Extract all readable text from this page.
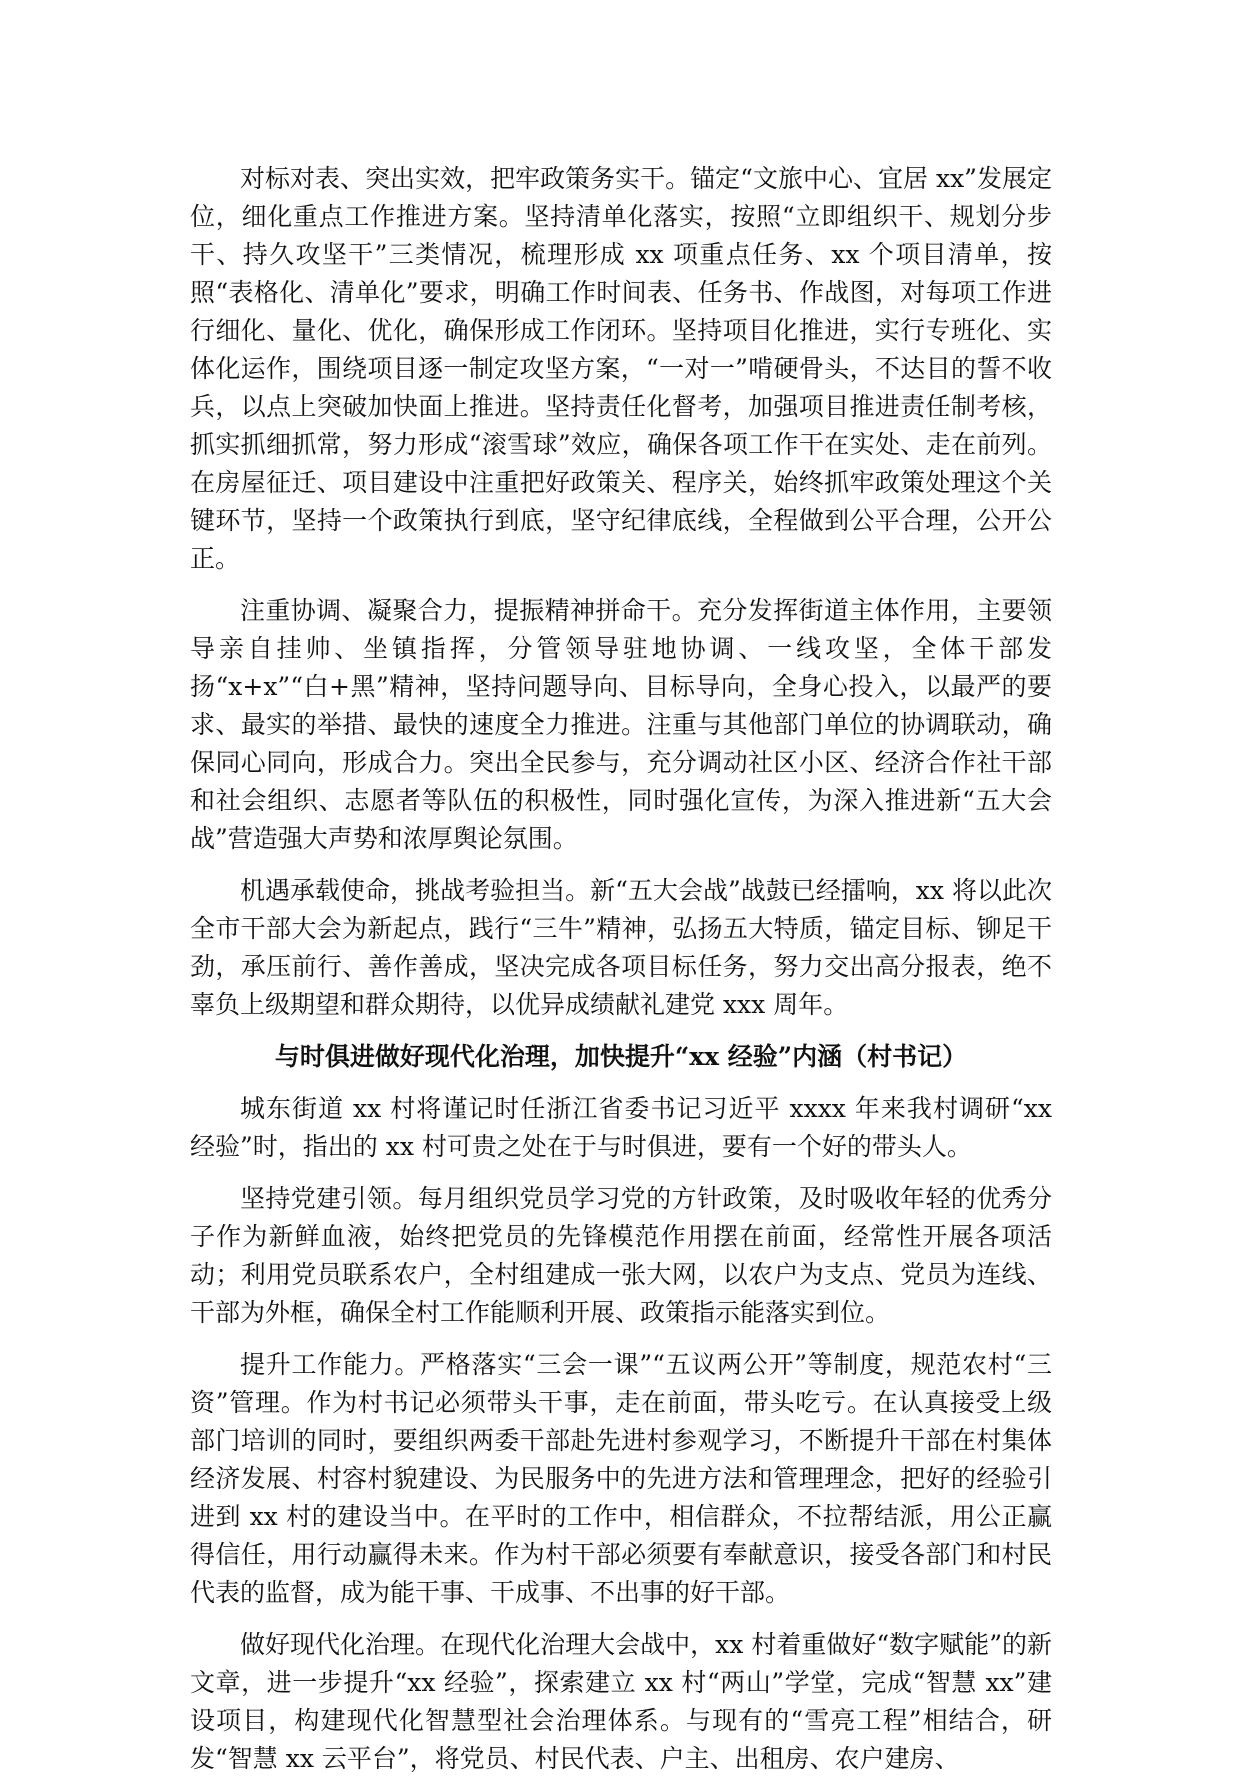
对标对表、突出实效，把牢政策务实干。锚定“文旅中心、宜居 xx”发展定位，细化重点工作推进方案。坚持清单化落实，按照“立即组织干、规划分步干、持久攻坚干”三类情况，梳理形成 xx 项重点任务、xx 个项目清单，按照“表格化、清单化”要求，明确工作时间表、任务书、作战图，对每项工作进行细化、量化、优化，确保形成工作闭环。坚持项目化推进，实行专班化、实体化运作，围绕项目逐一制定攻坚方案，“一对一”啃硬骨头，不达目的誓不收兵，以点上突破加快面上推进。坚持责任化督考，加强项目推进责任制考核，抓实抓细抓常，努力形成“滚雪球”效应，确保各项工作干在实处、走在前列。在房屋征迁、项目建设中注重把好政策关、程序关，始终抓牢政策处理这个关键环节，坚持一个政策执行到底，坚守纪律底线，全程做到公平合理，公开公正。

注重协调、凝聚合力，提振精神拼命干。充分发挥街道主体作用，主要领导亲自挂帅、坐镇指挥，分管领导驻地协调、一线攻坚，全体干部发扬“x+x”“白+黑”精神，坚持问题导向、目标导向，全身心投入，以最严的要求、最实的举措、最快的速度全力推进。注重与其他部门单位的协调联动，确保同心同向，形成合力。突出全民参与，充分调动社区小区、经济合作社干部和社会组织、志愿者等队伍的积极性，同时强化宣传，为深入推进新“五大会战”营造强大声势和浓厚舆论氛围。

机遇承载使命，挑战考验担当。新“五大会战”战鼓已经擂响，xx 将以此次全市干部大会为新起点，践行“三牛”精神，弘扬五大特质，锚定目标、铆足干劲，承压前行、善作善成，坚决完成各项目标任务，努力交出高分报表，绝不辜负上级期望和群众期待，以优异成绩献礼建党 xxx 周年。

与时俱进做好现代化治理，加快提升“xx 经验”内涵（村书记）

城东街道 xx 村将谨记时任浙江省委书记习近平 xxxx 年来我村调研“xx 经验”时，指出的 xx 村可贵之处在于与时俱进，要有一个好的带头人。

坚持党建引领。每月组织党员学习党的方针政策，及时吸收年轻的优秀分子作为新鲜血液，始终把党员的先锋模范作用摆在前面，经常性开展各项活动；利用党员联系农户，全村组建成一张大网，以农户为支点、党员为连线、干部为外框，确保全村工作能顺利开展、政策指示能落实到位。

提升工作能力。严格落实“三会一课”“五议两公开”等制度，规范农村“三资”管理。作为村书记必须带头干事，走在前面，带头吃亏。在认真接受上级部门培训的同时，要组织两委干部赴先进村参观学习，不断提升干部在村集体经济发展、村容村貌建设、为民服务中的先进方法和管理理念，把好的经验引进到 xx 村的建设当中。在平时的工作中，相信群众，不拉帮结派，用公正赢得信任，用行动赢得未来。作为村干部必须要有奉献意识，接受各部门和村民代表的监督，成为能干事、干成事、不出事的好干部。

做好现代化治理。在现代化治理大会战中，xx 村着重做好“数字赋能”的新文章，进一步提升“xx 经验”，探索建立 xx 村“两山”学堂，完成“智慧 xx”建设项目，构建现代化智慧型社会治理体系。与现有的“雪亮工程”相结合，研发“智慧 xx 云平台”，将党员、村民代表、户主、出租房、农户建房、
